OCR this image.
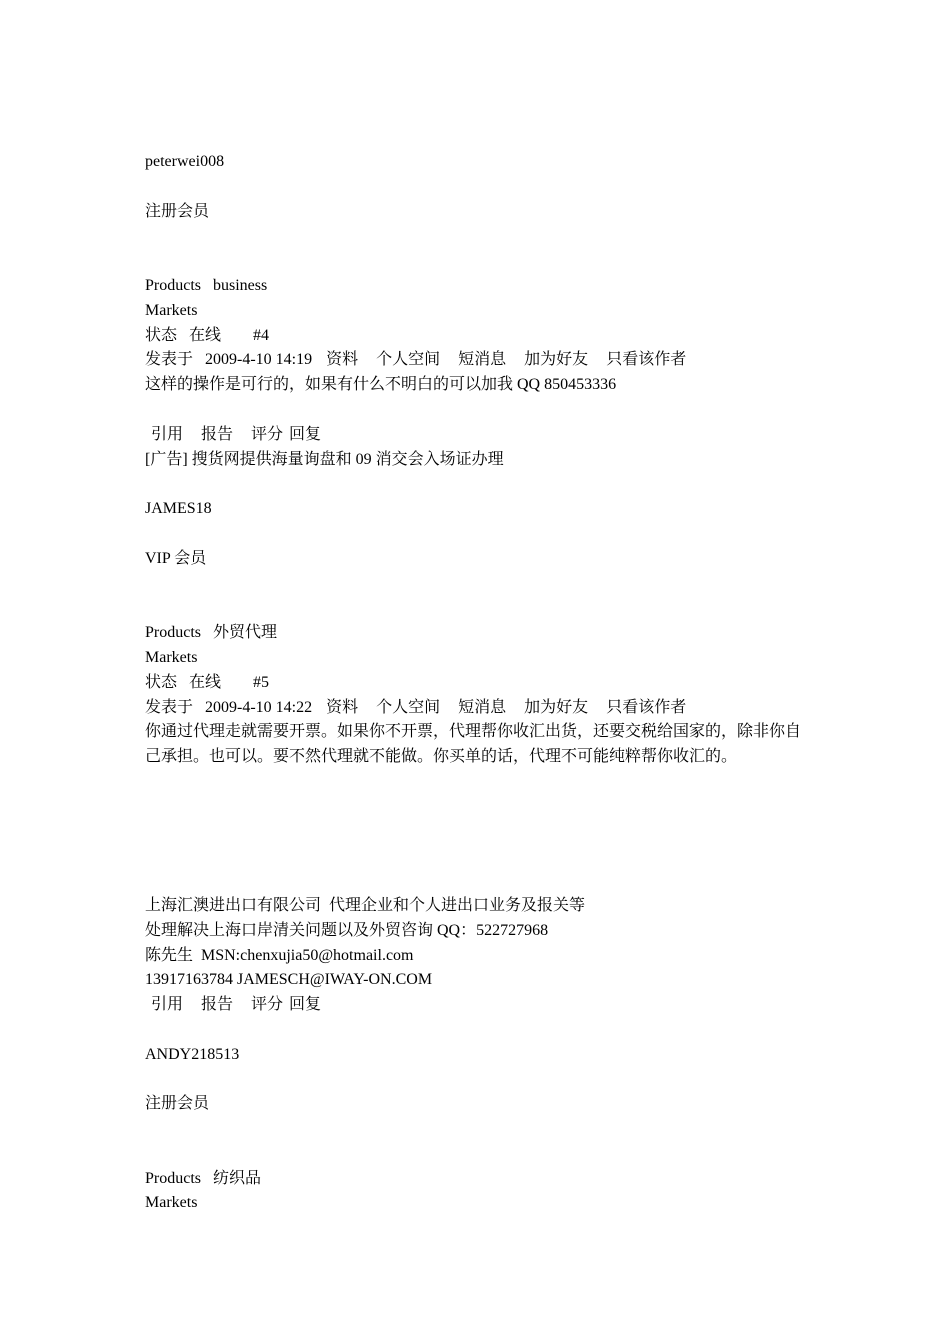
peterwei008

注册会员

Products business

Markets

状态 在线 #4

发表于 2009-4-10 14:19 资料 个人空间 短消息 加为好友 只看该作者

这样的操作是可行的，如果有什么不明白的可以加我 QQ 850453336

引用 报告 评分 回复

[广告] 搜货网提供海量询盘和 09 消交会入场证办理

JAMES18

VIP 会员

Products 外贸代理

Markets

状态 在线 #5

发表于 2009-4-10 14:22 资料 个人空间 短消息 加为好友 只看该作者

你通过代理走就需要开票。如果你不开票，代理帮你收汇出货，还要交税给国家的，除非你自己承担。也可以。要不然代理就不能做。你买单的话，代理不可能纯粹帮你收汇的。

上海汇澳进出口有限公司  代理企业和个人进出口业务及报关等

处理解决上海口岸清关问题以及外贸咨询 QQ：522727968

陈先生  MSN:chenxujia50@hotmail.com

13917163784 JAMESCH@IWAY-ON.COM

引用 报告 评分 回复

ANDY218513

注册会员

Products 纺织品

Markets
